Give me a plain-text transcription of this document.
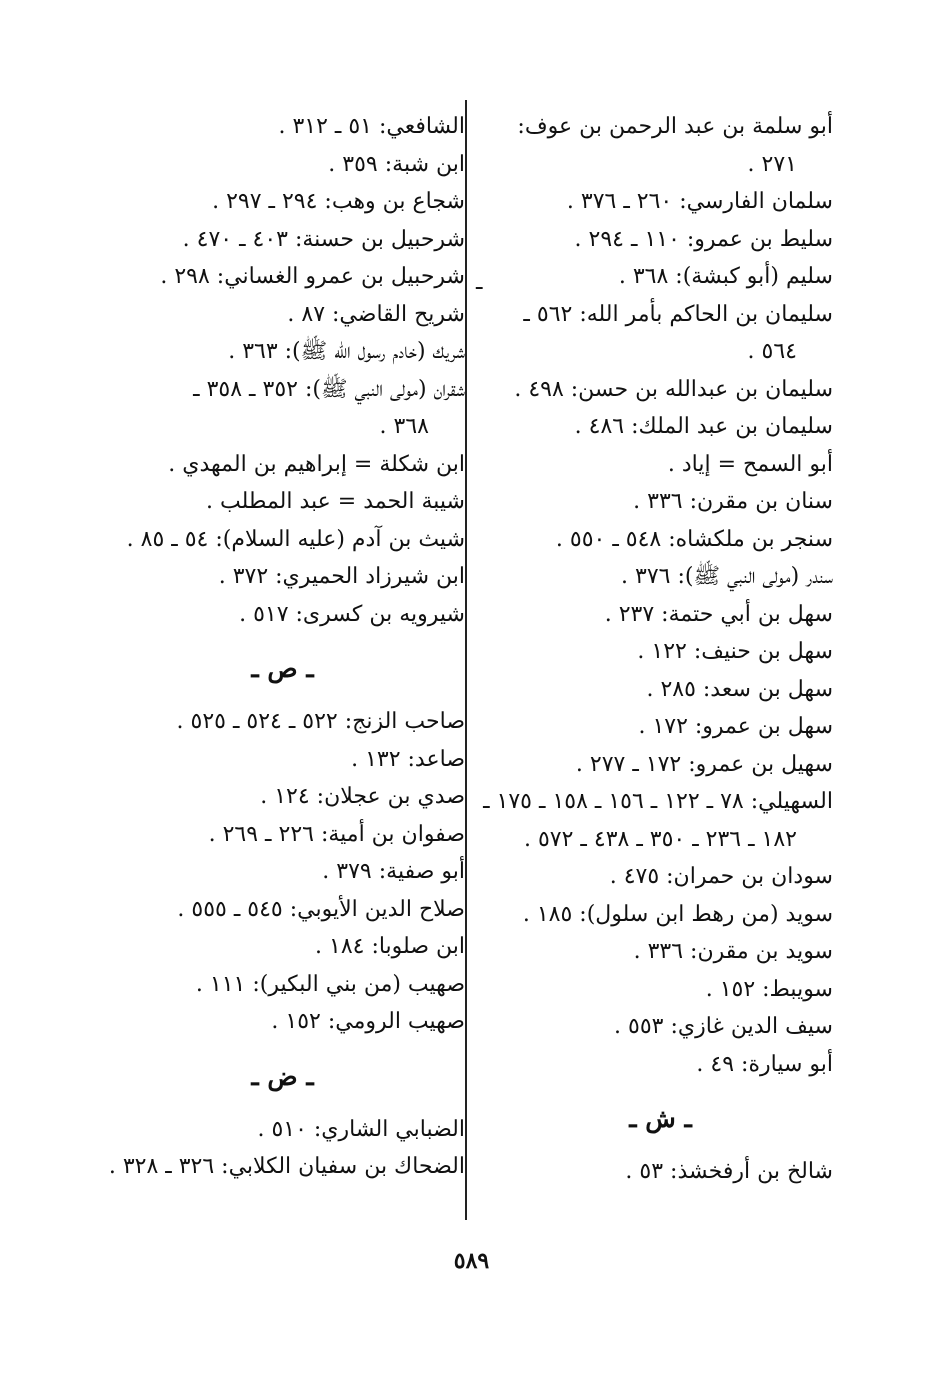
أبو سلمة بن عبد الرحمن بن عوف:
٢٧١ .
سلمان الفارسي: ٢٦٠ ـ ٣٧٦ .
سليط بن عمرو: ١١٠ ـ ٢٩٤ .
سليم (أبو كبشة): ٣٦٨ .
سليمان بن الحاكم بأمر الله: ٥٦٢ ـ
٥٦٤ .
سليمان بن عبدالله بن حسن: ٤٩٨ .
سليمان بن عبد الملك: ٤٨٦ .
أبو السمح = إياد .
سنان بن مقرن: ٣٣٦ .
سنجر بن ملكشاه: ٥٤٨ ـ ٥٥٠ .
سندر (مولى النبي ﷺ): ٣٧٦ .
سهل بن أبي حتمة: ٢٣٧ .
سهل بن حنيف: ١٢٢ .
سهل بن سعد: ٢٨٥ .
سهل بن عمرو: ١٧٢ .
سهيل بن عمرو: ١٧٢ ـ ٢٧٧ .
السهيلي: ٧٨ ـ ١٢٢ ـ ١٥٦ ـ ١٥٨ ـ ١٧٥ ـ
١٨٢ ـ ٢٣٦ ـ ٣٥٠ ـ ٤٣٨ ـ ٥٧٢ .
سودان بن حمران: ٤٧٥ .
سويد (من رهط ابن سلول): ١٨٥ .
سويد بن مقرن: ٣٣٦ .
سويبط: ١٥٢ .
سيف الدين غازي: ٥٥٣ .
أبو سيارة: ٤٩ .
ـ ش ـ
شالخ بن أرفخشذ: ٥٣ .
ـ
الشافعي: ٥١ ـ ٣١٢ .
ابن شبة: ٣٥٩ .
شجاع بن وهب: ٢٩٤ ـ ٢٩٧ .
شرحبيل بن حسنة: ٤٠٣ ـ ٤٧٠ .
شرحبيل بن عمرو الغساني: ٢٩٨ .
شريح القاضي: ٨٧ .
شريك (خادم رسول الله ﷺ): ٣٦٣ .
شقران (مولى النبي ﷺ): ٣٥٢ ـ ٣٥٨ ـ
٣٦٨ .
ابن شكلة = إبراهيم بن المهدي .
شيبة الحمد = عبد المطلب .
شيث بن آدم (عليه السلام): ٥٤ ـ ٨٥ .
ابن شيرزاد الحميري: ٣٧٢ .
شيرويه بن كسرى: ٥١٧ .
ـ ص ـ
صاحب الزنج: ٥٢٢ ـ ٥٢٤ ـ ٥٢٥ .
صاعد: ١٣٢ .
صدي بن عجلان: ١٢٤ .
صفوان بن أمية: ٢٢٦ ـ ٢٦٩ .
أبو صفية: ٣٧٩ .
صلاح الدين الأيوبي: ٥٤٥ ـ ٥٥٥ .
ابن صلوبا: ١٨٤ .
صهيب (من بني البكير): ١١١ .
صهيب الرومي: ١٥٢ .
ـ ض ـ
الضبابي الشاري: ٥١٠ .
الضحاك بن سفيان الكلابي: ٣٢٦ ـ ٣٢٨ .
٥٨٩
